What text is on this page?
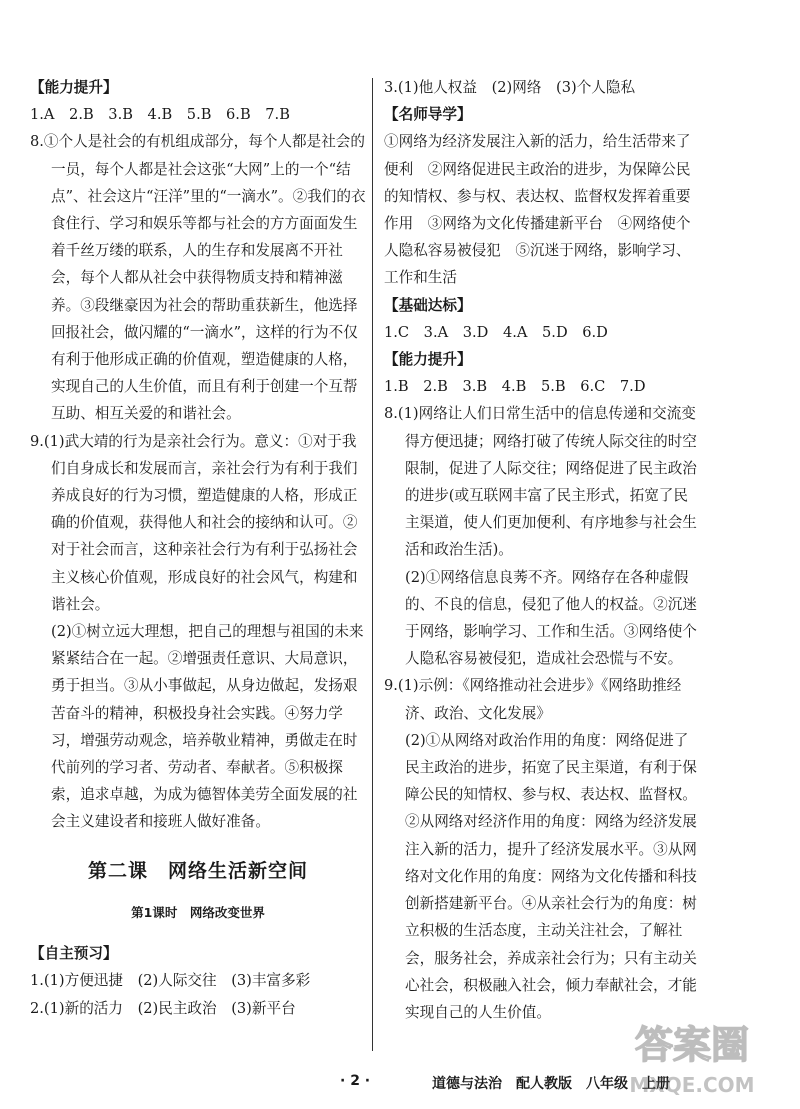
【能力提升】
1.A　2.B　3.B　4.B　5.B　6.B　7.B

8.①个人是社会的有机组成部分，每个人都是社会的一员，每个人都是社会这张“大网”上的一个“结点”、社会这片“汪洋”里的“一滴水”。②我们的衣食住行、学习和娱乐等都与社会的方方面面发生着千丝万缕的联系，人的生存和发展离不开社会，每个人都从社会中获得物质支持和精神滋养。③段继豪因为社会的帮助重获新生，他选择回报社会，做闪耀的“一滴水”，这样的行为不仅有利于他形成正确的价值观，塑造健康的人格，实现自己的人生价值，而且有利于创建一个互帮互助、相互关爱的和谐社会。

9.(1)武大靖的行为是亲社会行为。意义：①对于我们自身成长和发展而言，亲社会行为有利于我们养成良好的行为习惯，塑造健康的人格，形成正确的价值观，获得他人和社会的接纳和认可。②对于社会而言，这种亲社会行为有利于弘扬社会主义核心价值观，形成良好的社会风气，构建和谐社会。

(2)①树立远大理想，把自己的理想与祖国的未来紧紧结合在一起。②增强责任意识、大局意识，勇于担当。③从小事做起，从身边做起，发扬艰苦奋斗的精神，积极投身社会实践。④努力学习，增强劳动观念，培养敬业精神，勇做走在时代前列的学习者、劳动者、奉献者。⑤积极探索，追求卓越，为成为德智体美劳全面发展的社会主义建设者和接班人做好准备。

第二课　网络生活新空间
第1课时　网络改变世界
【自主预习】
1.(1)方便迅捷　(2)人际交往　(3)丰富多彩
2.(1)新的活力　(2)民主政治　(3)新平台
3.(1)他人权益　(2)网络　(3)个人隐私
【名师导学】

①网络为经济发展注入新的活力，给生活带来了便利　②网络促进民主政治的进步，为保障公民的知情权、参与权、表达权、监督权发挥着重要作用　③网络为文化传播建新平台　④网络使个人隐私容易被侵犯　⑤沉迷于网络，影响学习、工作和生活

【基础达标】
1.C　3.A　3.D　4.A　5.D　6.D
【能力提升】
1.B　2.B　3.B　4.B　5.B　6.C　7.D

8.(1)网络让人们日常生活中的信息传递和交流变得方便迅捷；网络打破了传统人际交往的时空限制，促进了人际交往；网络促进了民主政治的进步(或互联网丰富了民主形式，拓宽了民主渠道，使人们更加便利、有序地参与社会生活和政治生活)。

(2)①网络信息良莠不齐。网络存在各种虚假的、不良的信息，侵犯了他人的权益。②沉迷于网络，影响学习、工作和生活。③网络使个人隐私容易被侵犯，造成社会恐慌与不安。

9.(1)示例：《网络推动社会进步》《网络助推经济、政治、文化发展》

(2)①从网络对政治作用的角度：网络促进了民主政治的进步，拓宽了民主渠道，有利于保障公民的知情权、参与权、表达权、监督权。②从网络对经济作用的角度：网络为经济发展注入新的活力，提升了经济发展水平。③从网络对文化作用的角度：网络为文化传播和科技创新搭建新平台。④从亲社会行为的角度：树立积极的生活态度，主动关注社会，了解社会，服务社会，养成亲社会行为；只有主动关心社会，积极融入社会，倾力奉献社会，才能实现自己的人生价值。

· 2 ·	道德与法治　配人教版　八年级　上册
答案圈
MXQE.COM
